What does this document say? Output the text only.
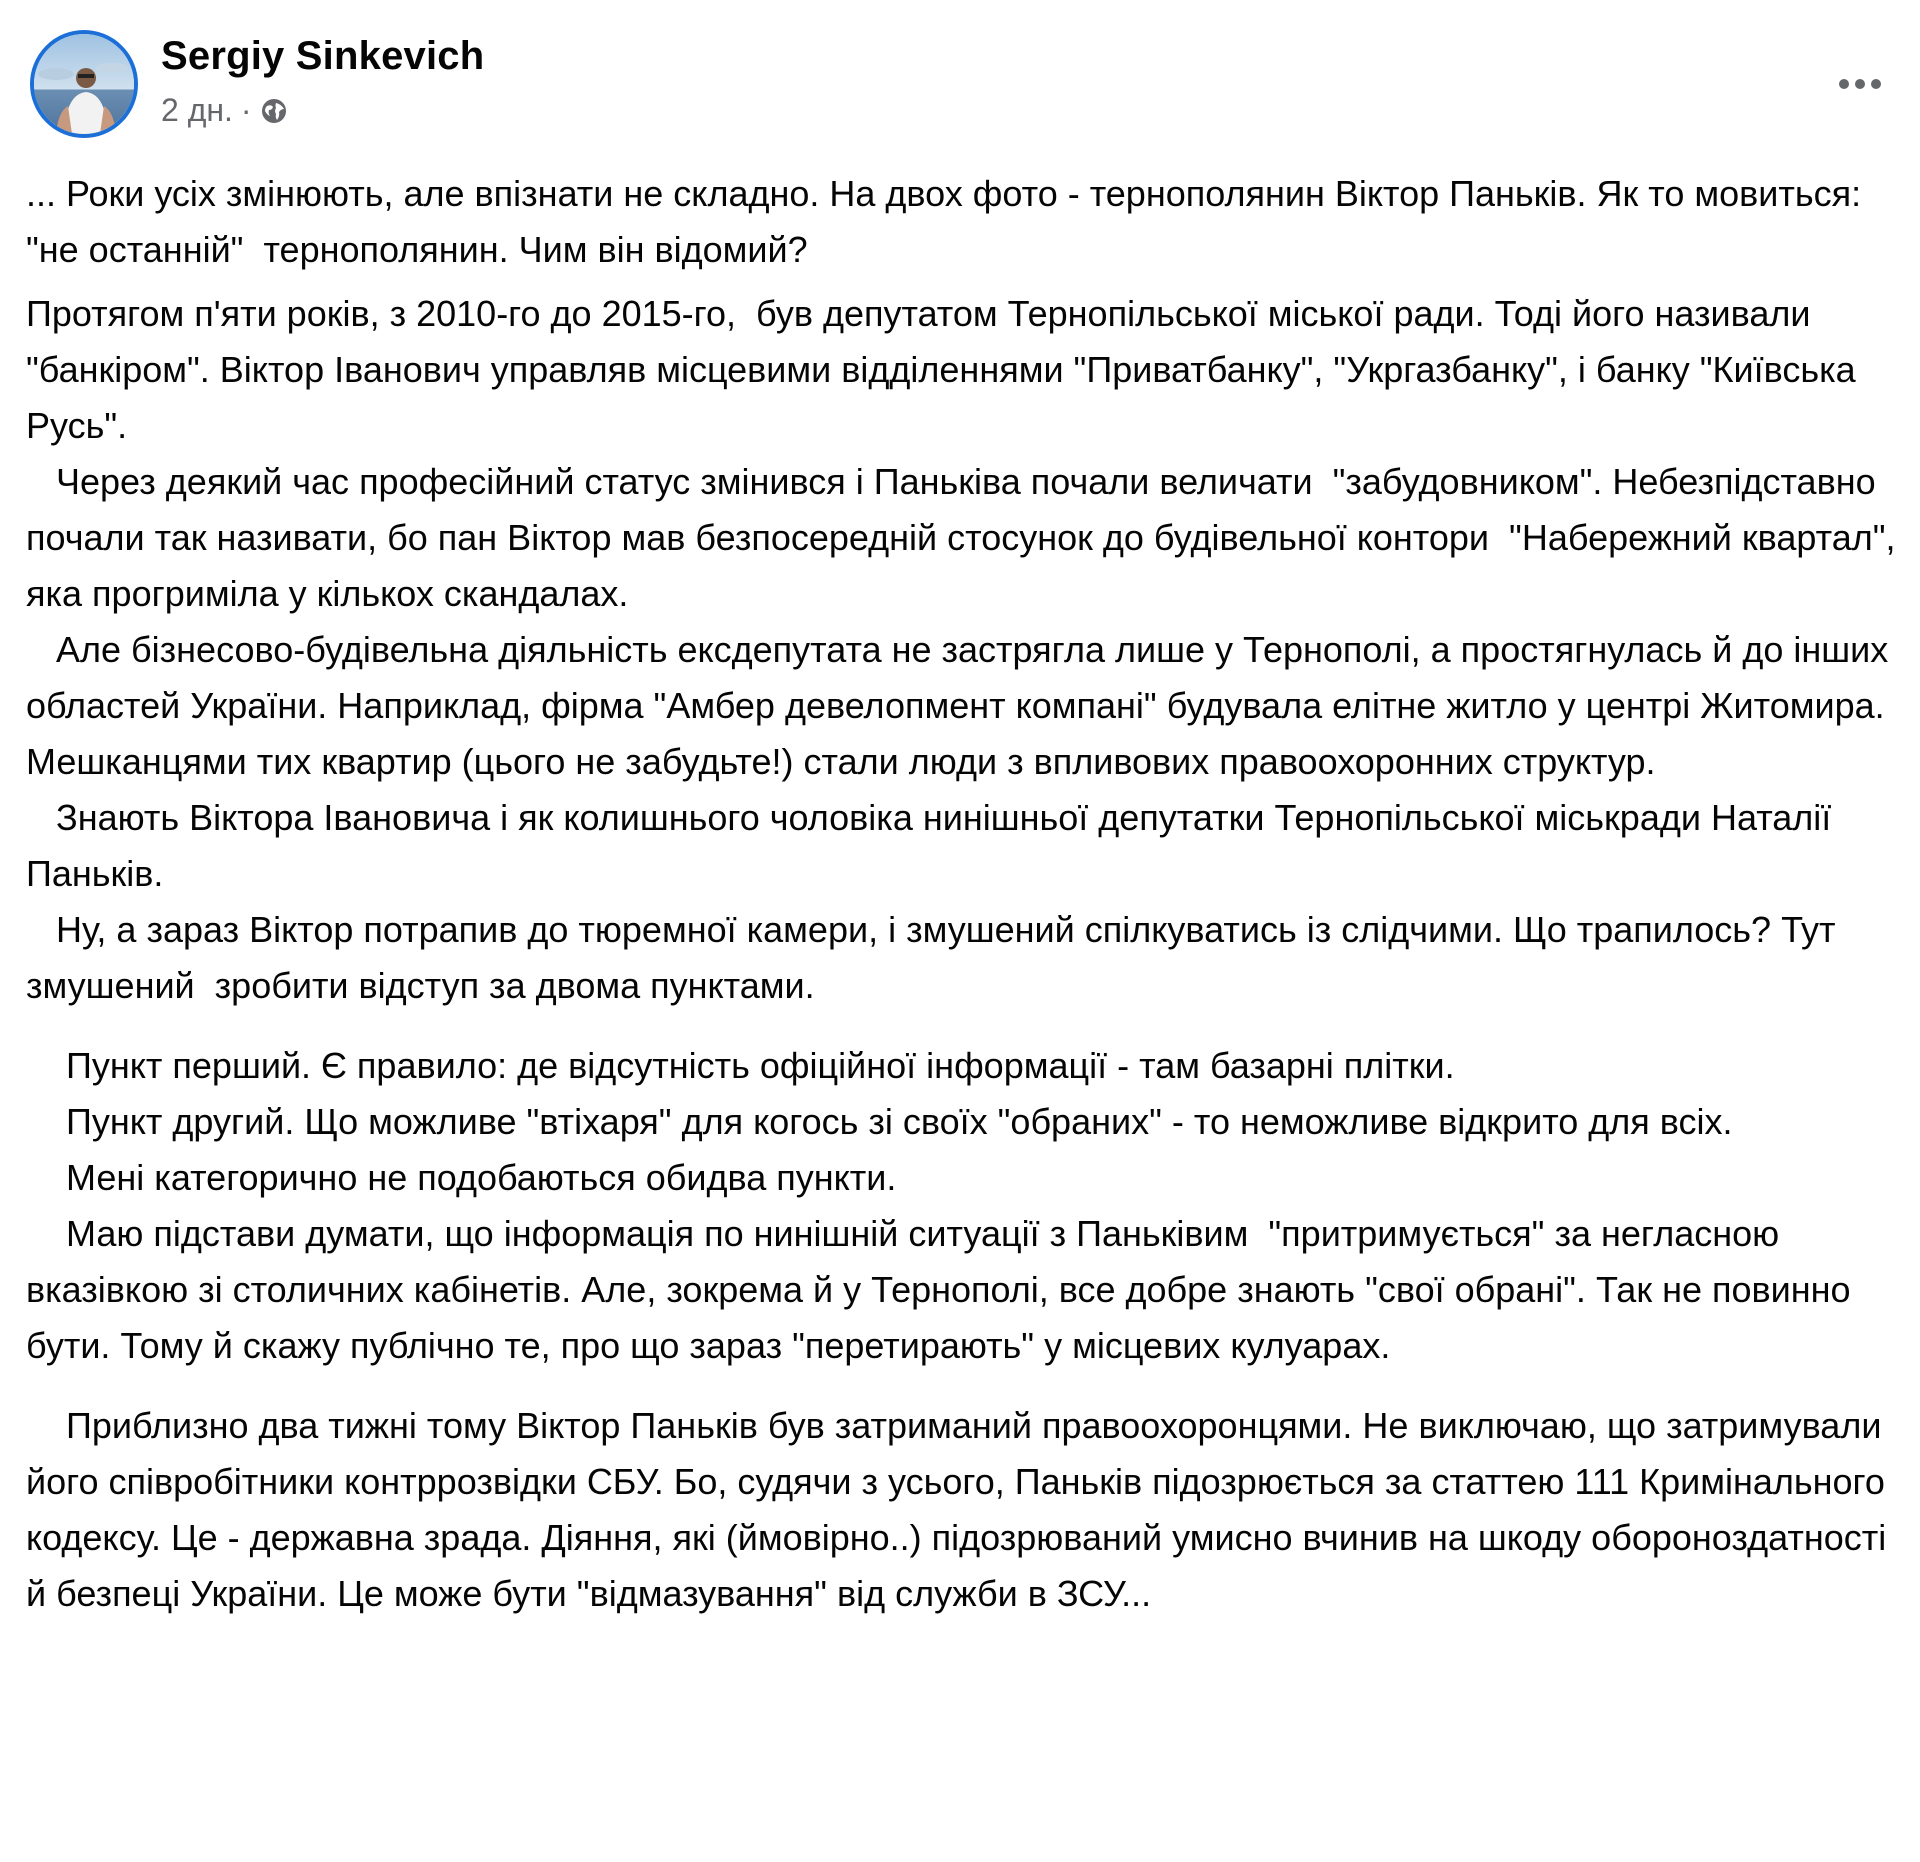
Sergiy Sinkevich
2 дн. ·

... Роки усіх змінюють, але впізнати не складно. На двох фото - тернополянин Віктор Паньків. Як то мовиться: "не останній"  тернополянин. Чим він відомий?

Протягом п'яти років, з 2010-го до 2015-го,  був депутатом Тернопільської міської ради. Тоді його називали "банкіром". Віктор Іванович управляв місцевими відділеннями "Приватбанку", "Укргазбанку", і банку "Київська Русь".

Через деякий час професійний статус змінився і Паньківа почали величати  "забудовником". Небезпідставно почали так називати, бо пан Віктор мав безпосередній стосунок до будівельної контори  "Набережний квартал", яка прогриміла у кількох скандалах.

Але бізнесово-будівельна діяльність ексдепутата не застрягла лише у Тернополі, а простягнулась й до інших областей України. Наприклад, фірма "Амбер девелопмент компані" будувала елітне житло у центрі Житомира. Мешканцями тих квартир (цього не забудьте!) стали люди з впливових правоохоронних структур.

Знають Віктора Івановича і як колишнього чоловіка нинішньої депутатки Тернопільської міськради Наталії Паньків.

Ну, а зараз Віктор потрапив до тюремної камери, і змушений спілкуватись із слідчими. Що трапилось? Тут змушений  зробити відступ за двома пунктами.

Пункт перший. Є правило: де відсутність офіційної інформації - там базарні плітки.

Пункт другий. Що можливе "втіхаря" для когось зі своїх "обраних" - то неможливе відкрито для всіх.

Мені категорично не подобаються обидва пункти.

Маю підстави думати, що інформація по нинішній ситуації з Паньківим  "притримується" за негласною вказівкою зі столичних кабінетів. Але, зокрема й у Тернополі, все добре знають "свої обрані". Так не повинно бути. Тому й скажу публічно те, про що зараз "перетирають" у місцевих кулуарах.

Приблизно два тижні тому Віктор Паньків був затриманий правоохоронцями. Не виключаю, що затримували його співробітники контррозвідки СБУ. Бо, судячи з усього, Паньків підозрюється за статтею 111 Кримінального кодексу. Це - державна зрада. Діяння, які (ймовірно..) підозрюваний умисно вчинив на шкоду обороноздатності й безпеці України. Це може бути "відмазування" від служби в ЗСУ...
